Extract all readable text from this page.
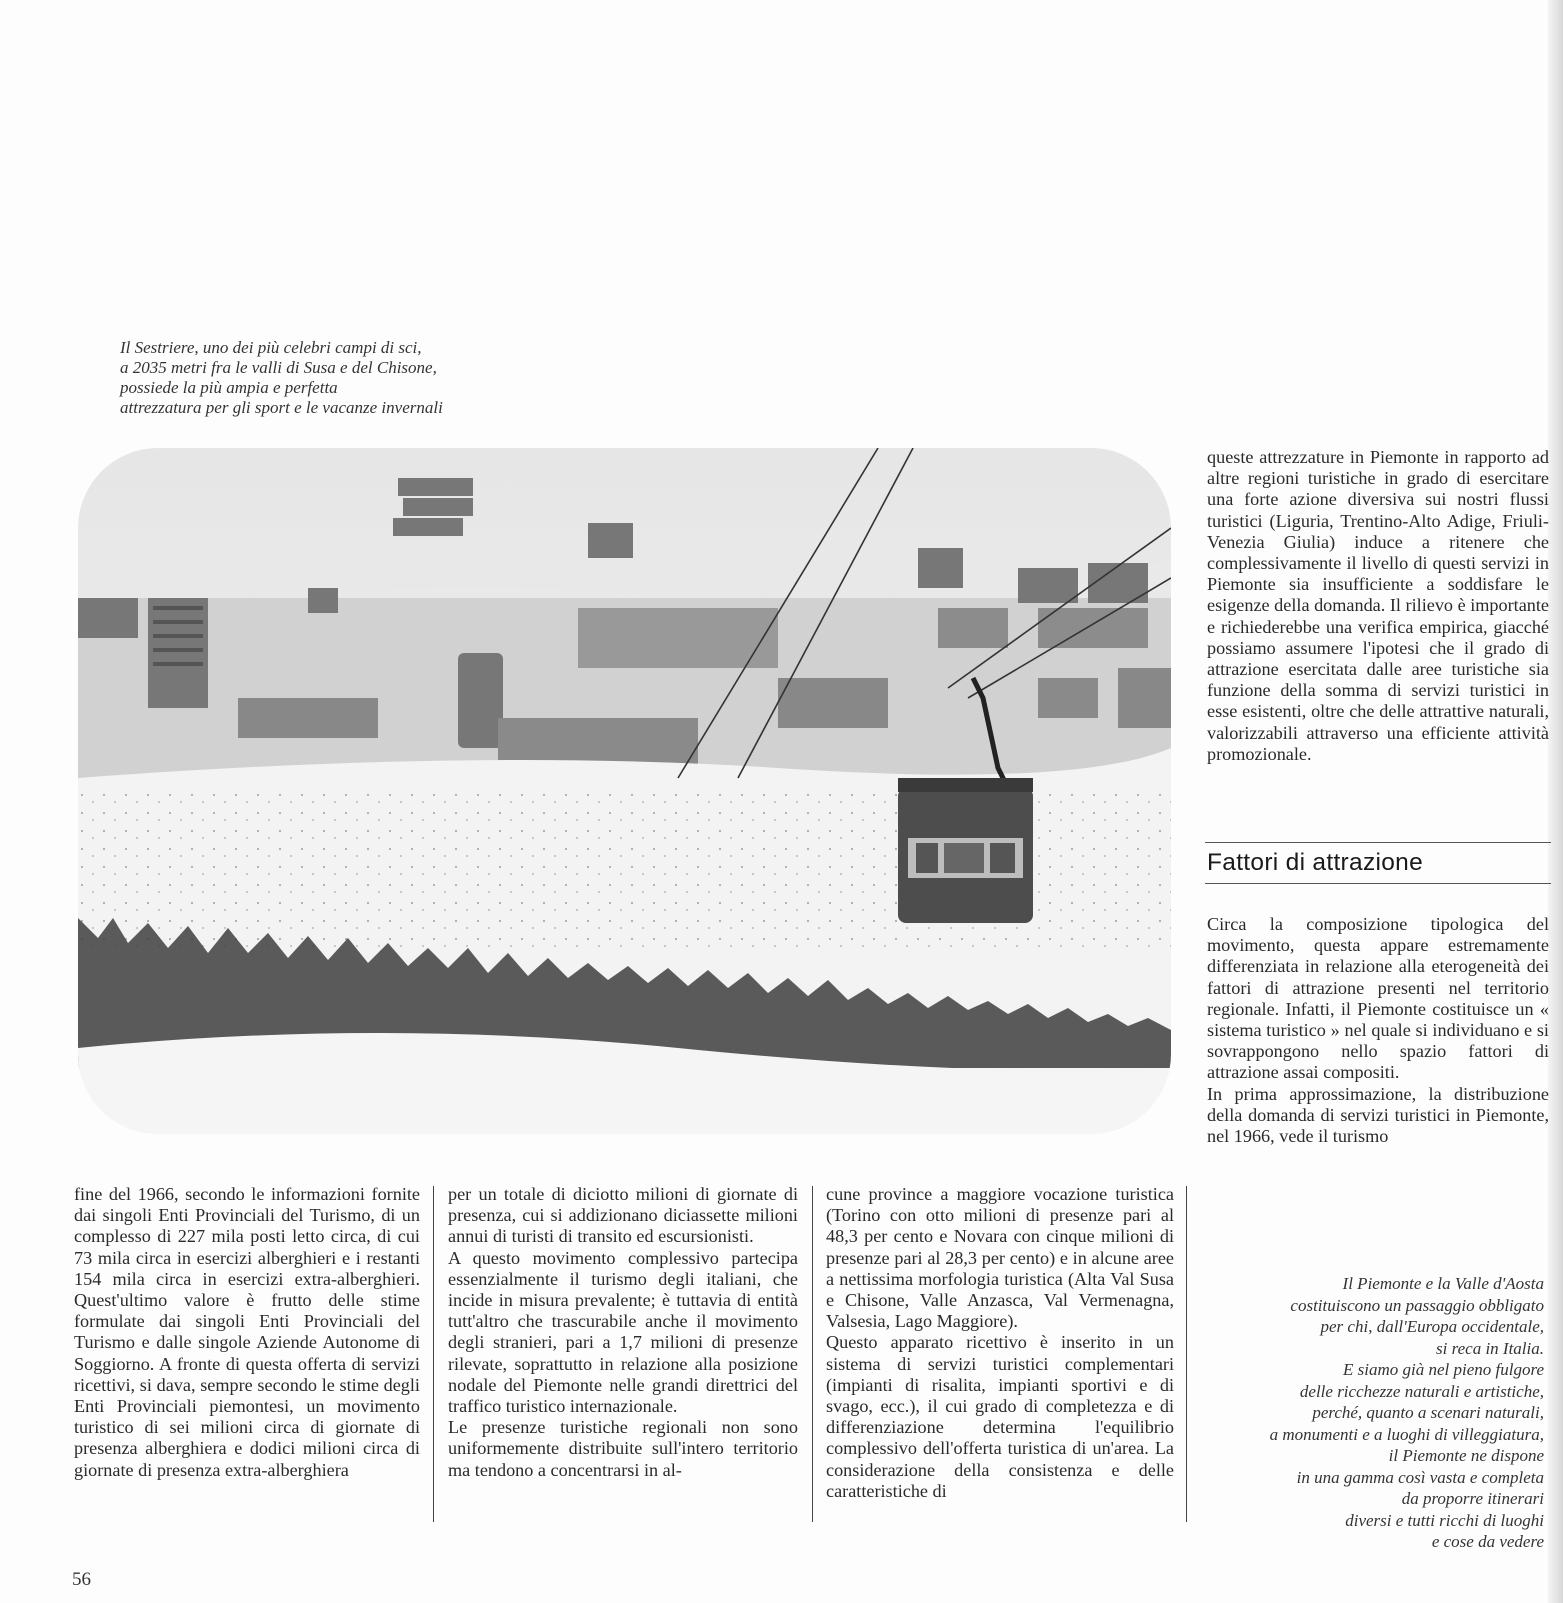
Il Sestriere, uno dei più celebri campi di sci,
a 2035 metri fra le valli di Susa e del Chisone,
possiede la più ampia e perfetta
attrezzatura per gli sport e le vacanze invernali

fine del 1966, secondo le informazioni fornite dai singoli Enti Provinciali del Turismo, di un complesso di 227 mila posti letto circa, di cui 73 mila circa in esercizi alberghieri e i restanti 154 mila circa in esercizi extra-alberghieri. Quest'ultimo valore è frutto delle stime formulate dai singoli Enti Provinciali del Turismo e dalle singole Aziende Autonome di Soggiorno. A fronte di questa offerta di servizi ricettivi, si dava, sempre secondo le stime degli Enti Provinciali piemontesi, un movimento turistico di sei milioni circa di giornate di presenza alberghiera e dodici milioni circa di giornate di presenza extra-alberghiera

per un totale di diciotto milioni di giornate di presenza, cui si addizionano diciassette milioni annui di turisti di transito ed escursionisti.

A questo movimento complessivo partecipa essenzialmente il turismo degli italiani, che incide in misura prevalente; è tuttavia di entità tutt'altro che trascurabile anche il movimento degli stranieri, pari a 1,7 milioni di presenze rilevate, soprattutto in relazione alla posizione nodale del Piemonte nelle grandi direttrici del traffico turistico internazionale.

Le presenze turistiche regionali non sono uniformemente distribuite sull'intero territorio ma tendono a concentrarsi in al-

cune province a maggiore vocazione turistica (Torino con otto milioni di presenze pari al 48,3 per cento e Novara con cinque milioni di presenze pari al 28,3 per cento) e in alcune aree a nettissima morfologia turistica (Alta Val Susa e Chisone, Valle Anzasca, Val Vermenagna, Valsesia, Lago Maggiore).

Questo apparato ricettivo è inserito in un sistema di servizi turistici complementari (impianti di risalita, impianti sportivi e di svago, ecc.), il cui grado di completezza e di differenziazione determina l'equilibrio complessivo dell'offerta turistica di un'area. La considerazione della consistenza e delle caratteristiche di

queste attrezzature in Piemonte in rapporto ad altre regioni turistiche in grado di esercitare una forte azione diversiva sui nostri flussi turistici (Liguria, Trentino-Alto Adige, Friuli-Venezia Giulia) induce a ritenere che complessivamente il livello di questi servizi in Piemonte sia insufficiente a soddisfare le esigenze della domanda. Il rilievo è importante e richiederebbe una verifica empirica, giacché possiamo assumere l'ipotesi che il grado di attrazione esercitata dalle aree turistiche sia funzione della somma di servizi turistici in esse esistenti, oltre che delle attrattive naturali, valorizzabili attraverso una efficiente attività promozionale.

Fattori di attrazione

Circa la composizione tipologica del movimento, questa appare estremamente differenziata in relazione alla eterogeneità dei fattori di attrazione presenti nel territorio regionale. Infatti, il Piemonte costituisce un « sistema turistico » nel quale si individuano e si sovrappongono nello spazio fattori di attrazione assai compositi.

In prima approssimazione, la distribuzione della domanda di servizi turistici in Piemonte, nel 1966, vede il turismo

Il Piemonte e la Valle d'Aosta
costituiscono un passaggio obbligato
per chi, dall'Europa occidentale,
si reca in Italia.
E siamo già nel pieno fulgore
delle ricchezze naturali e artistiche,
perché, quanto a scenari naturali,
a monumenti e a luoghi di villeggiatura,
il Piemonte ne dispone
in una gamma così vasta e completa
da proporre itinerari
diversi e tutti ricchi di luoghi
e cose da vedere
56
